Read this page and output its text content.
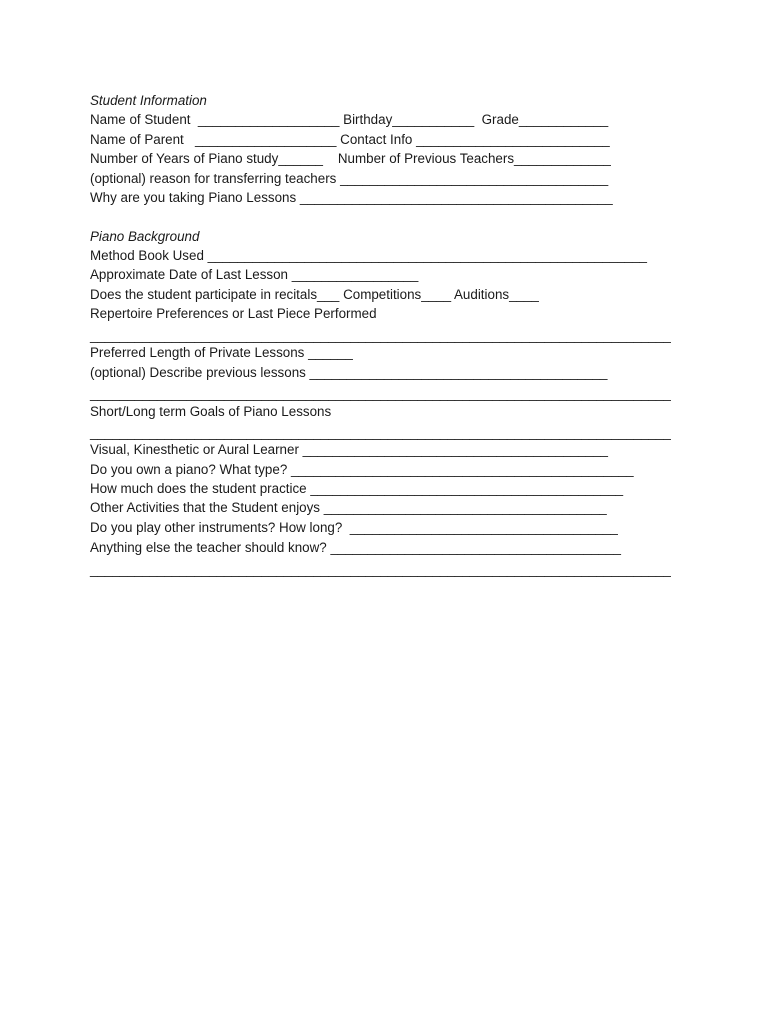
Student Information
Name of Student  ___________________ Birthday___________  Grade____________
Name of Parent   ___________________ Contact Info __________________________
Number of Years of Piano study______    Number of Previous Teachers_____________
(optional) reason for transferring teachers ____________________________________
Why are you taking Piano Lessons __________________________________________
Piano Background
Method Book Used ___________________________________________________________
Approximate Date of Last Lesson _________________
Does the student participate in recitals___ Competitions____ Auditions____
Repertoire Preferences or Last Piece Performed
______________________________________________________________________________
Preferred Length of Private Lessons ______
(optional) Describe previous lessons ________________________________________
______________________________________________________________________________
Short/Long term Goals of Piano Lessons
______________________________________________________________________________
Visual, Kinesthetic or Aural Learner _________________________________________
Do you own a piano? What type? ______________________________________________
How much does the student practice __________________________________________
Other Activities that the Student enjoys ______________________________________
Do you play other instruments? How long?  ____________________________________
Anything else the teacher should know? _______________________________________
______________________________________________________________________________
